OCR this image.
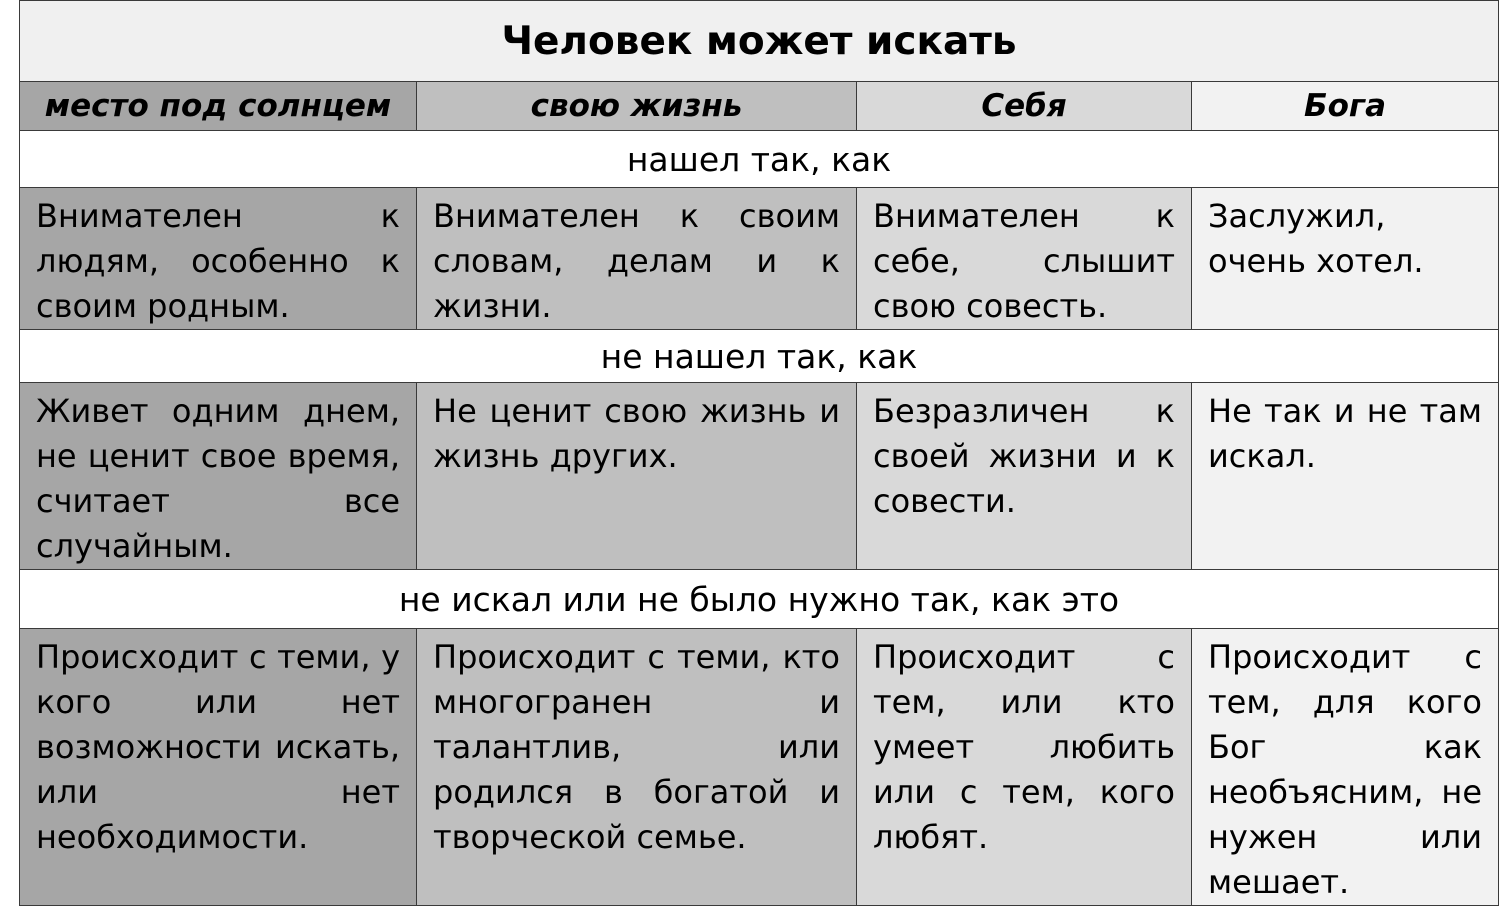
Человек может искать			
место под солнцем	свою жизнь	Себя	Бога
нашел так, как			
Внимателен к людям, особенно к своим родным.	Внимателен к своим словам, делам и к жизни.	Внимателен к себе, слышит свою совесть.	Заслужил, очень хотел.
не нашел так, как			
Живет одним днем, не ценит свое время, считает все случайным.	Не ценит свою жизнь и жизнь других.	Безразличен к своей жизни и к совести.	Не так и не там искал.
не искал или не было нужно так, как это			
Происходит с теми, у кого или нет возможности искать, или нет необходимости.	Происходит с теми, кто многогранен и талантлив, или родился в богатой и творческой семье.	Происходит с тем, или кто умеет любить или с тем, кого любят.	Происходит с тем, для кого Бог как необъясним, не нужен или мешает.
